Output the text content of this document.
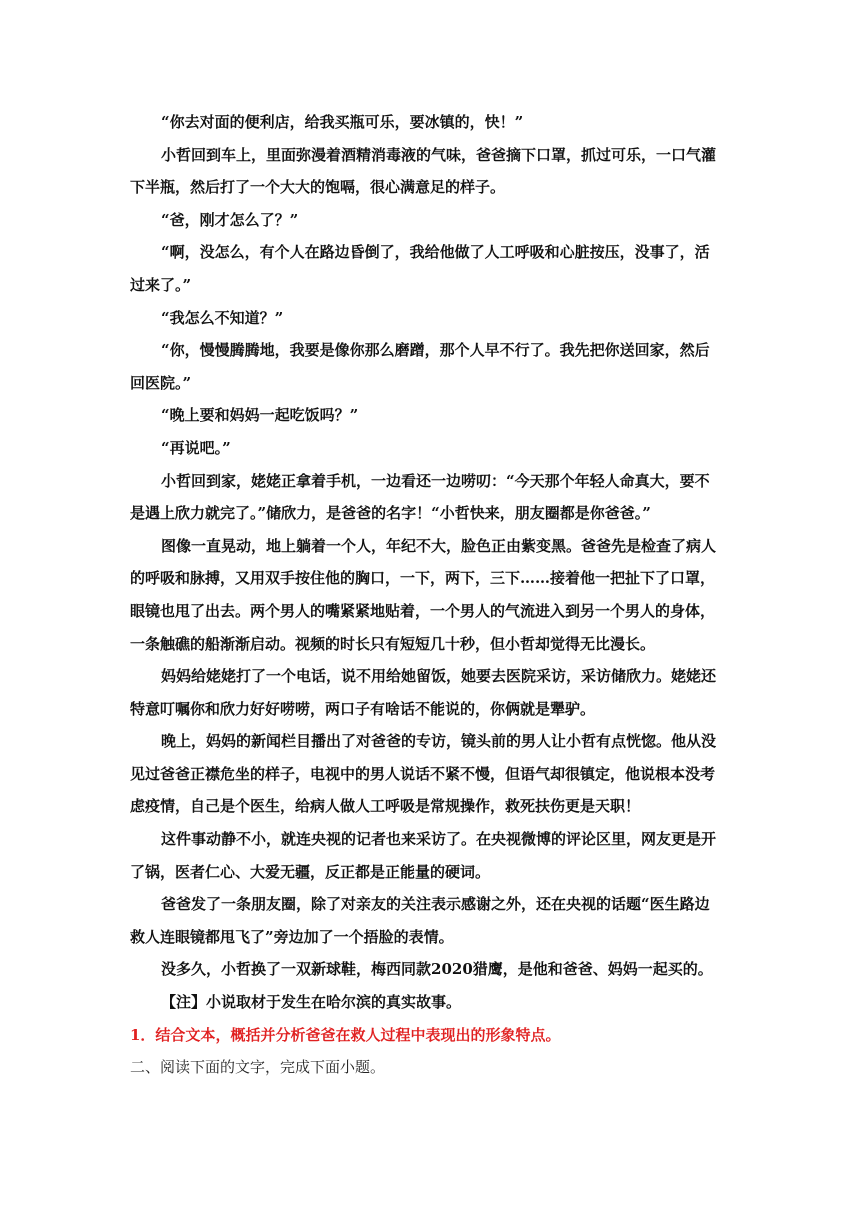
“你去对面的便利店，给我买瓶可乐，要冰镇的，快！”

小哲回到车上，里面弥漫着酒精消毒液的气味，爸爸摘下口罩，抓过可乐，一口气灌下半瓶，然后打了一个大大的饱嗝，很心满意足的样子。

“爸，刚才怎么了？”

“啊，没怎么，有个人在路边昏倒了，我给他做了人工呼吸和心脏按压，没事了，活过来了。”

“我怎么不知道？”

“你，慢慢腾腾地，我要是像你那么磨蹭，那个人早不行了。我先把你送回家，然后回医院。”

“晚上要和妈妈一起吃饭吗？”

“再说吧。”

小哲回到家，姥姥正拿着手机，一边看还一边唠叨：“今天那个年轻人命真大，要不是遇上欣力就完了。”储欣力，是爸爸的名字！“小哲快来，朋友圈都是你爸爸。”

图像一直晃动，地上躺着一个人，年纪不大，脸色正由紫变黑。爸爸先是检查了病人的呼吸和脉搏，又用双手按住他的胸口，一下，两下，三下……接着他一把扯下了口罩，眼镜也甩了出去。两个男人的嘴紧紧地贴着，一个男人的气流进入到另一个男人的身体，一条触礁的船渐渐启动。视频的时长只有短短几十秒，但小哲却觉得无比漫长。

妈妈给姥姥打了一个电话，说不用给她留饭，她要去医院采访，采访储欣力。姥姥还特意叮嘱你和欣力好好唠唠，两口子有啥话不能说的，你俩就是犟驴。

晚上，妈妈的新闻栏目播出了对爸爸的专访，镜头前的男人让小哲有点恍惚。他从没见过爸爸正襟危坐的样子，电视中的男人说话不紧不慢，但语气却很镇定，他说根本没考虑疫情，自己是个医生，给病人做人工呼吸是常规操作，救死扶伤更是天职！

这件事动静不小，就连央视的记者也来采访了。在央视微博的评论区里，网友更是开了锅，医者仁心、大爱无疆，反正都是正能量的硬词。

爸爸发了一条朋友圈，除了对亲友的关注表示感谢之外，还在央视的话题“医生路边救人连眼镜都甩飞了”旁边加了一个捂脸的表情。

没多久，小哲换了一双新球鞋，梅西同款2020猎鹰，是他和爸爸、妈妈一起买的。

【注】小说取材于发生在哈尔滨的真实故事。

1．结合文本，概括并分析爸爸在救人过程中表现出的形象特点。

二、阅读下面的文字，完成下面小题。
